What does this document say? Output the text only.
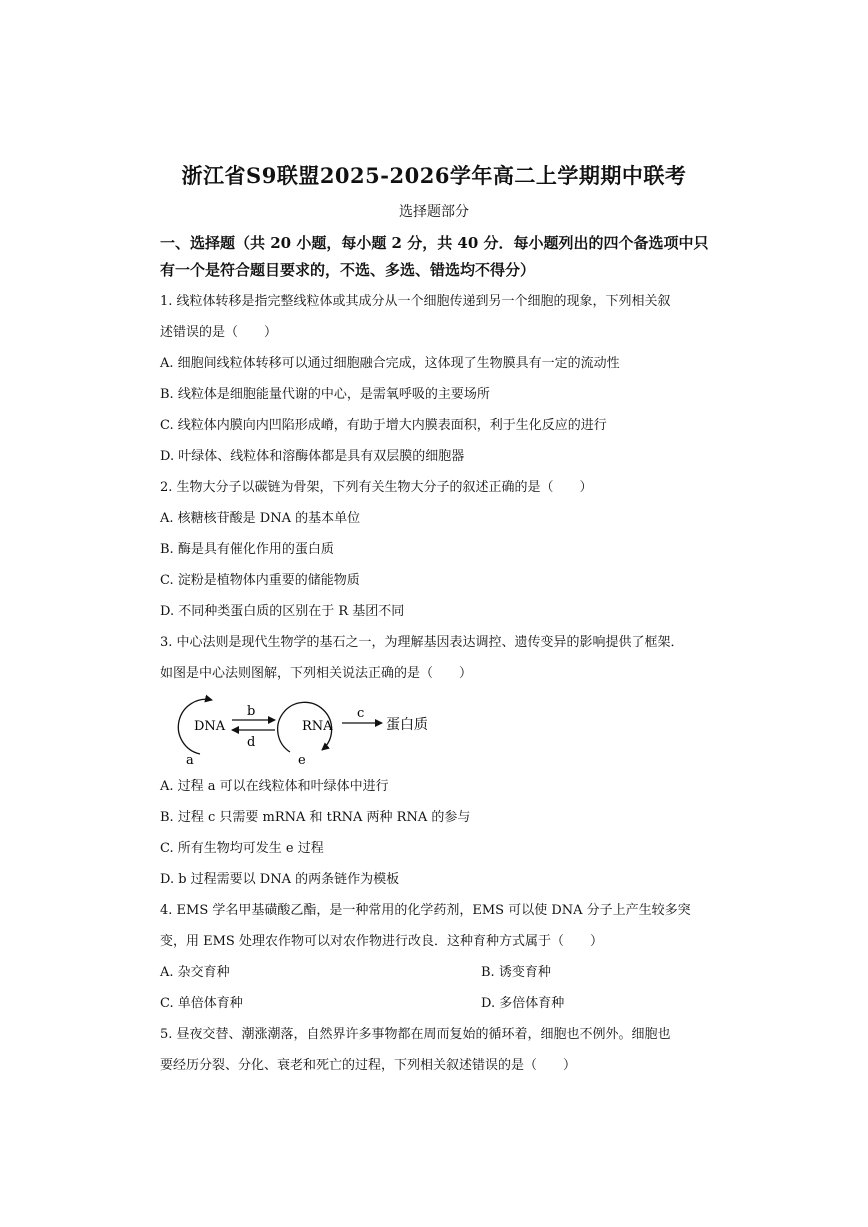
浙江省S9联盟2025-2026学年高二上学期期中联考
选择题部分
一、选择题（共 20 小题，每小题 2 分，共 40 分．每小题列出的四个备选项中只
有一个是符合题目要求的，不选、多选、错选均不得分）
1. 线粒体转移是指完整线粒体或其成分从一个细胞传递到另一个细胞的现象，下列相关叙
述错误的是（　　）
A. 细胞间线粒体转移可以通过细胞融合完成，这体现了生物膜具有一定的流动性
B. 线粒体是细胞能量代谢的中心，是需氧呼吸的主要场所
C. 线粒体内膜向内凹陷形成嵴，有助于增大内膜表面积，利于生化反应的进行
D. 叶绿体、线粒体和溶酶体都是具有双层膜的细胞器
2. 生物大分子以碳链为骨架，下列有关生物大分子的叙述正确的是（　　）
A. 核糖核苷酸是 DNA 的基本单位
B. 酶是具有催化作用的蛋白质
C. 淀粉是植物体内重要的储能物质
D. 不同种类蛋白质的区别在于 R 基团不同
3. 中心法则是现代生物学的基石之一，为理解基因表达调控、遗传变异的影响提供了框架．
如图是中心法则图解，下列相关说法正确的是（　　）
DNA
a
b
d
RNA
e
c
蛋白质
A. 过程 a 可以在线粒体和叶绿体中进行
B. 过程 c 只需要 mRNA 和 tRNA 两种 RNA 的参与
C. 所有生物均可发生 e 过程
D. b 过程需要以 DNA 的两条链作为模板
4. EMS 学名甲基磺酸乙酯，是一种常用的化学药剂，EMS 可以使 DNA 分子上产生较多突
变，用 EMS 处理农作物可以对农作物进行改良．这种育种方式属于（　　）
A. 杂交育种	B. 诱变育种
C. 单倍体育种	D. 多倍体育种
5. 昼夜交替、潮涨潮落，自然界许多事物都在周而复始的循环着，细胞也不例外。细胞也
要经历分裂、分化、衰老和死亡的过程，下列相关叙述错误的是（　　）
